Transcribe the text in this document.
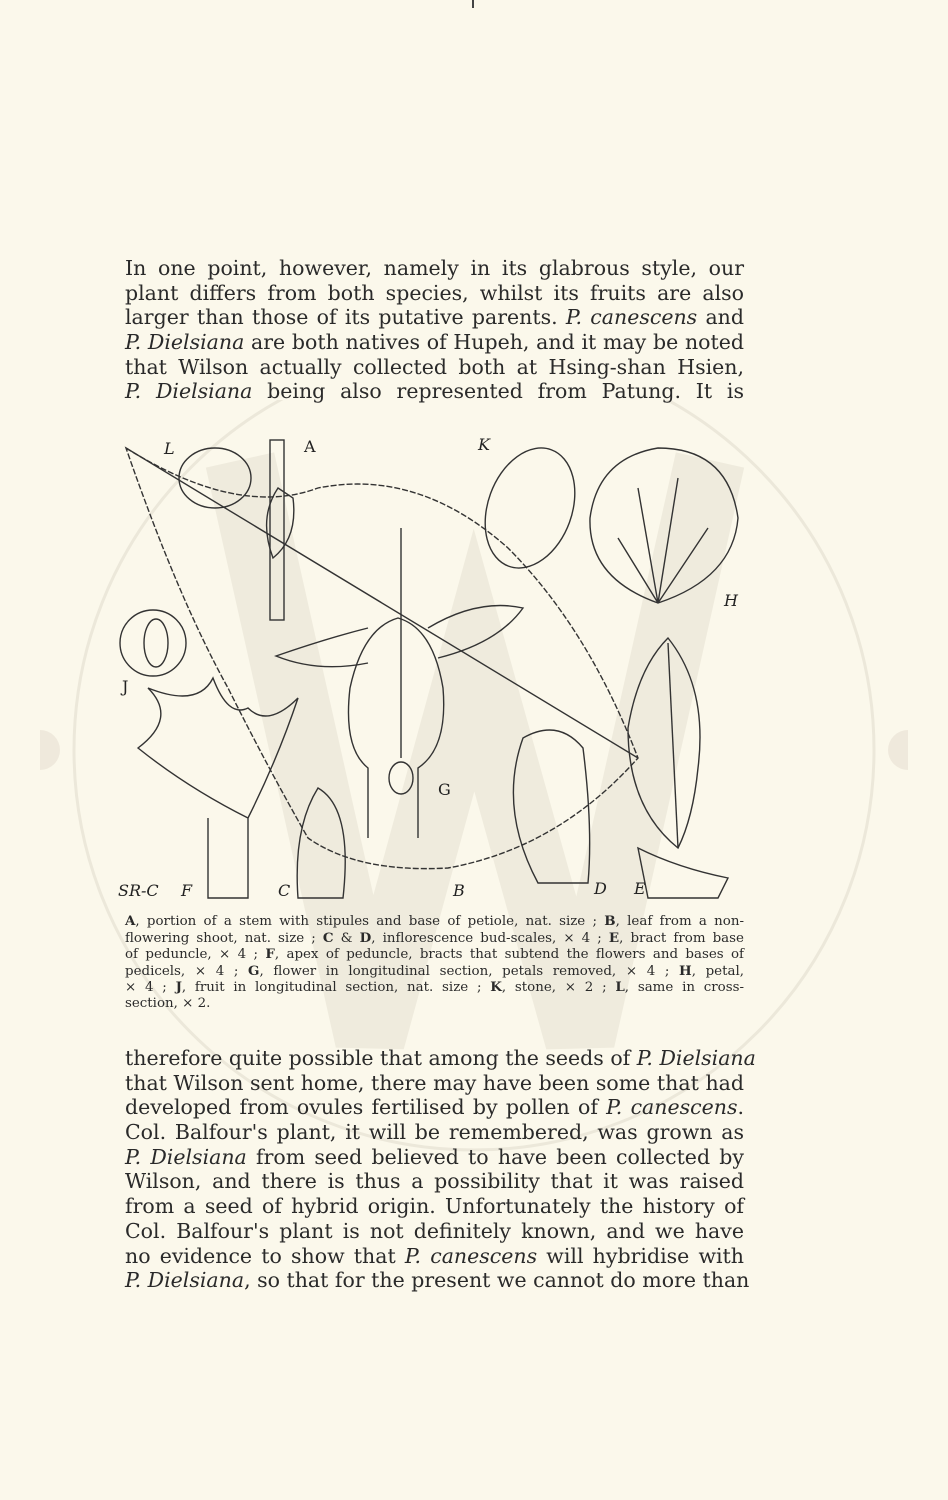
In one point, however, namely in its glabrous style, our
plant differs from both species, whilst its fruits are also
larger than those of its putative parents. P. canescens and
P. Dielsiana are both natives of Hupeh, and it may be noted
that Wilson actually collected both at Hsing-shan Hsien,
P. Dielsiana being also represented from Patung. It is
L	A	K
H
J
G
SR-C F	C	B	D E
A, portion of a stem with stipules and base of petiole, nat. size ; B, leaf from a non-
flowering shoot, nat. size ; C & D, inflorescence bud-scales, × 4 ; E, bract from base
of peduncle, × 4 ; F, apex of peduncle, bracts that subtend the flowers and bases of
pedicels, × 4 ; G, flower in longitudinal section, petals removed, × 4 ; H, petal,
× 4 ; J, fruit in longitudinal section, nat. size ; K, stone, × 2 ; L, same in cross-
section, × 2.
therefore quite possible that among the seeds of P. Dielsiana
that Wilson sent home, there may have been some that had
developed from ovules fertilised by pollen of P. canescens.
Col. Balfour's plant, it will be remembered, was grown as
P. Dielsiana from seed believed to have been collected by
Wilson, and there is thus a possibility that it was raised
from a seed of hybrid origin. Unfortunately the history of
Col. Balfour's plant is not definitely known, and we have
no evidence to show that P. canescens will hybridise with
P. Dielsiana, so that for the present we cannot do more than
